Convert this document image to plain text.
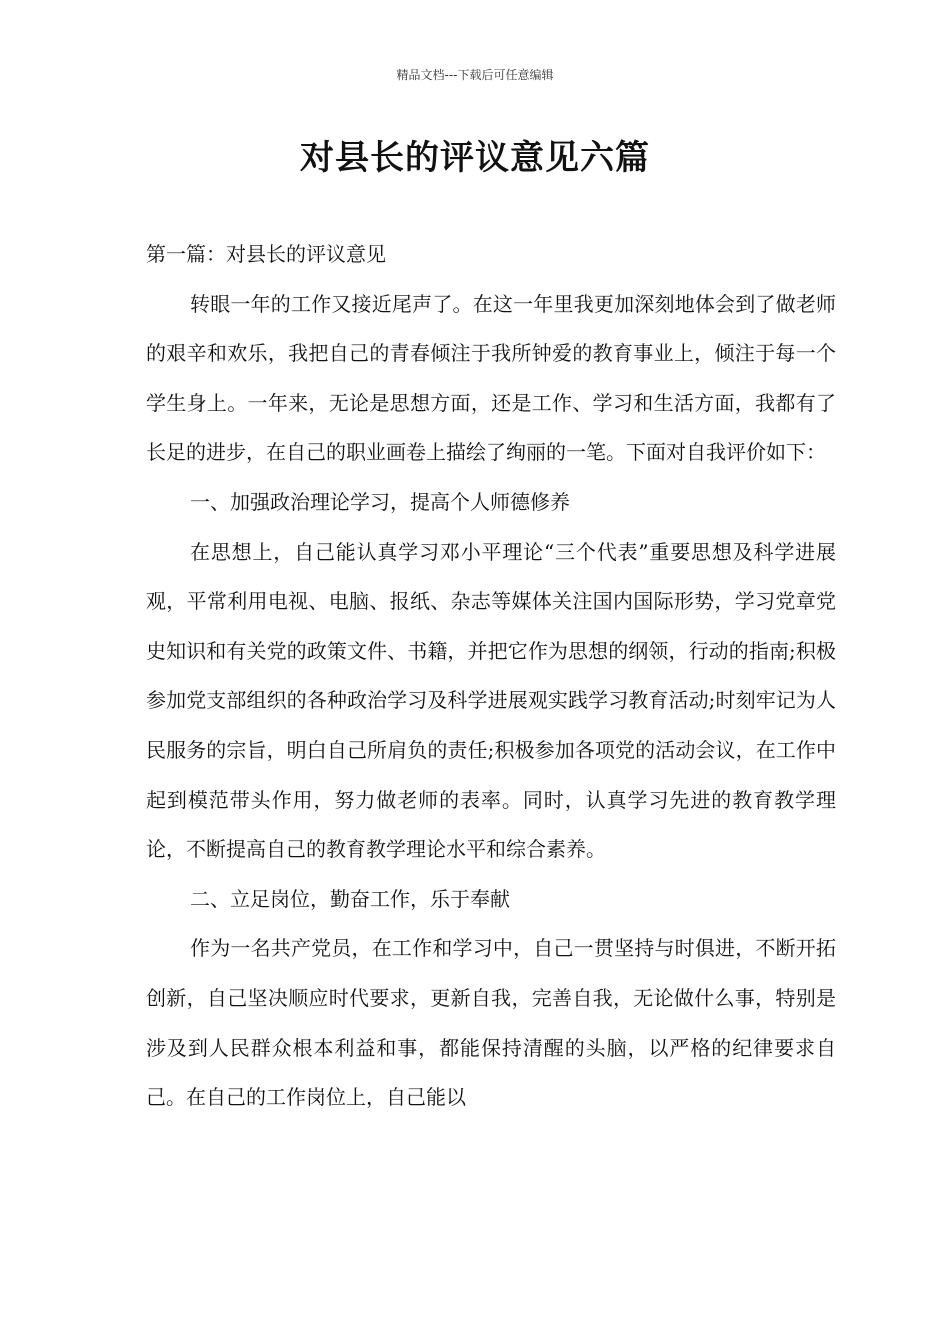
精品文档---下载后可任意编辑
对县长的评议意见六篇

第一篇：对县长的评议意见

转眼一年的工作又接近尾声了。在这一年里我更加深刻地体会到了做老师的艰辛和欢乐，我把自己的青春倾注于我所钟爱的教育事业上，倾注于每一个学生身上。一年来，无论是思想方面，还是工作、学习和生活方面，我都有了长足的进步，在自己的职业画卷上描绘了绚丽的一笔。下面对自我评价如下：

一、加强政治理论学习，提高个人师德修养

在思想上，自己能认真学习邓小平理论“三个代表”重要思想及科学进展观，平常利用电视、电脑、报纸、杂志等媒体关注国内国际形势，学习党章党史知识和有关党的政策文件、书籍，并把它作为思想的纲领，行动的指南;积极参加党支部组织的各种政治学习及科学进展观实践学习教育活动;时刻牢记为人民服务的宗旨，明白自己所肩负的责任;积极参加各项党的活动会议，在工作中起到模范带头作用，努力做老师的表率。同时，认真学习先进的教育教学理论，不断提高自己的教育教学理论水平和综合素养。

二、立足岗位，勤奋工作，乐于奉献

作为一名共产党员，在工作和学习中，自己一贯坚持与时俱进，不断开拓创新，自己坚决顺应时代要求，更新自我，完善自我，无论做什么事，特别是涉及到人民群众根本利益和事，都能保持清醒的头脑，以严格的纪律要求自己。在自己的工作岗位上，自己能以
